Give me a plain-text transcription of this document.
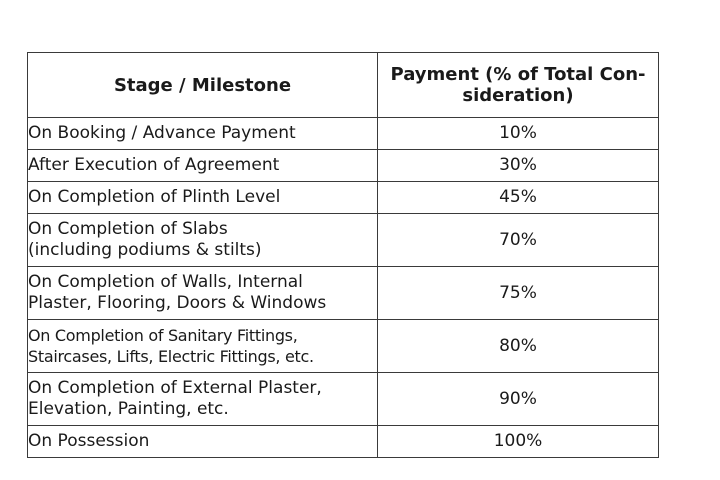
Stage / Milestone	Payment (% of Total Con-
sideration)
On Booking / Advance Payment	10%
After Execution of Agreement	30%
On Completion of Plinth Level	45%
On Completion of Slabs
(including podiums & stilts)	70%
On Completion of Walls, Internal
Plaster, Flooring, Doors & Windows	75%
On Completion of Sanitary Fittings,
Staircases, Lifts, Electric Fittings, etc.	80%
On Completion of External Plaster,
Elevation, Painting, etc.	90%
On Possession	100%
